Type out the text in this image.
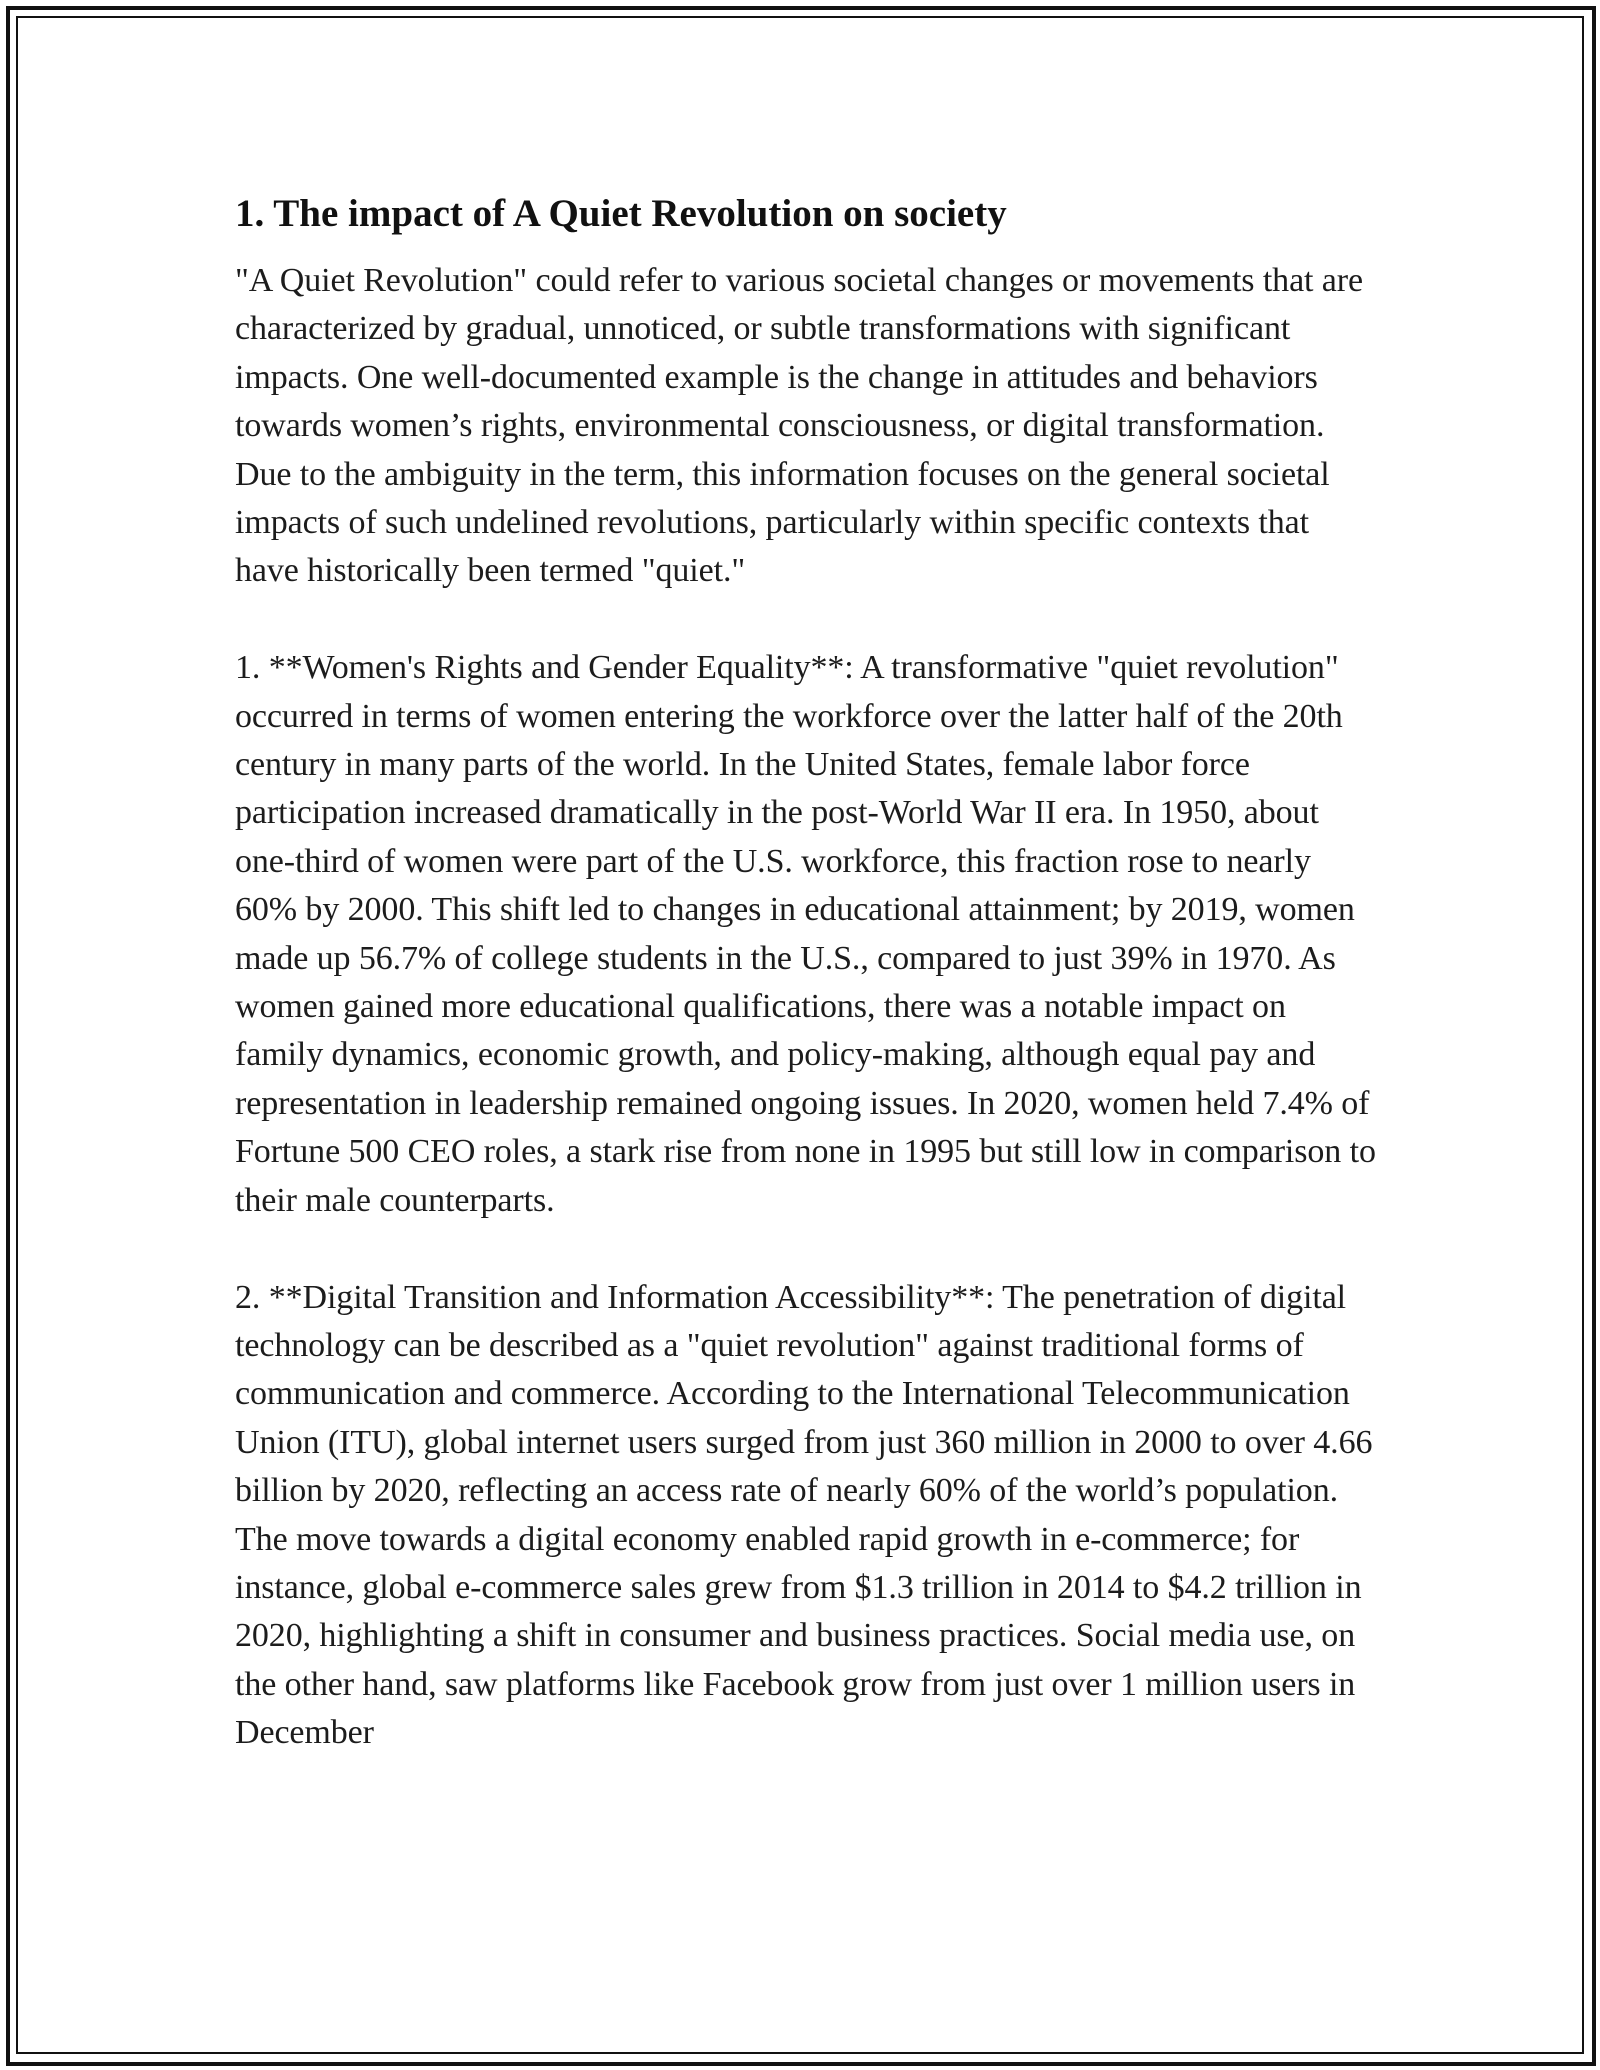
1. The impact of A Quiet Revolution on society

"A Quiet Revolution" could refer to various societal changes or movements that are characterized by gradual, unnoticed, or subtle transformations with significant impacts. One well-documented example is the change in attitudes and behaviors towards women’s rights, environmental consciousness, or digital transformation. Due to the ambiguity in the term, this information focuses on the general societal impacts of such undelined revolutions, particularly within specific contexts that have historically been termed "quiet."

1. **Women's Rights and Gender Equality**: A transformative "quiet revolution" occurred in terms of women entering the workforce over the latter half of the 20th century in many parts of the world. In the United States, female labor force participation increased dramatically in the post-World War II era. In 1950, about one-third of women were part of the U.S. workforce, this fraction rose to nearly 60% by 2000. This shift led to changes in educational attainment; by 2019, women made up 56.7% of college students in the U.S., compared to just 39% in 1970. As women gained more educational qualifications, there was a notable impact on family dynamics, economic growth, and policy-making, although equal pay and representation in leadership remained ongoing issues. In 2020, women held 7.4% of Fortune 500 CEO roles, a stark rise from none in 1995 but still low in comparison to their male counterparts.

2. **Digital Transition and Information Accessibility**: The penetration of digital technology can be described as a "quiet revolution" against traditional forms of communication and commerce. According to the International Telecommunication Union (ITU), global internet users surged from just 360 million in 2000 to over 4.66 billion by 2020, reflecting an access rate of nearly 60% of the world’s population. The move towards a digital economy enabled rapid growth in e-commerce; for instance, global e-commerce sales grew from $1.3 trillion in 2014 to $4.2 trillion in 2020, highlighting a shift in consumer and business practices. Social media use, on the other hand, saw platforms like Facebook grow from just over 1 million users in December
